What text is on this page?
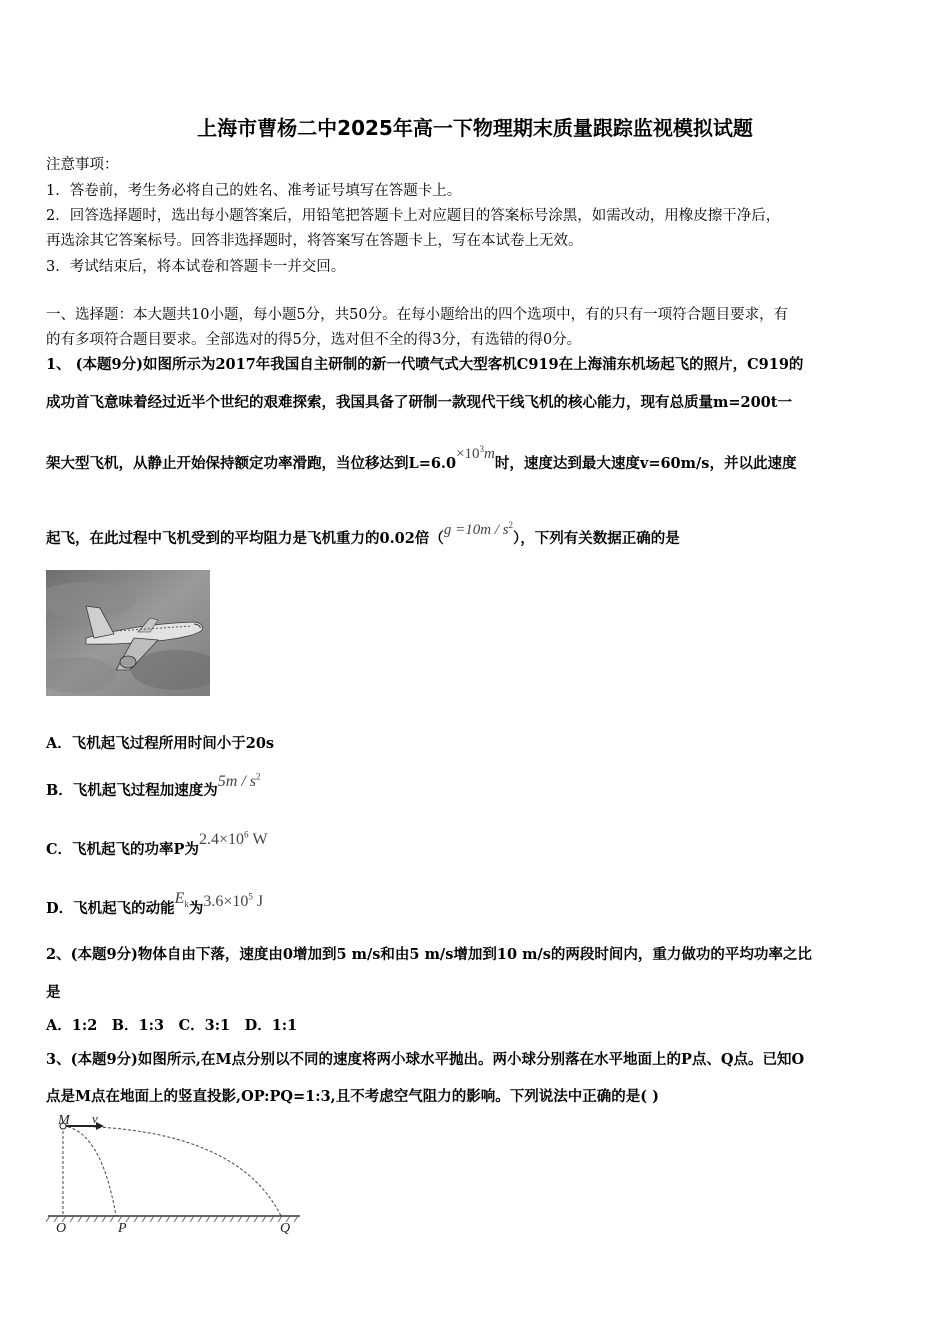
上海市曹杨二中2025年高一下物理期末质量跟踪监视模拟试题
注意事项：
1．答卷前，考生务必将自己的姓名、准考证号填写在答题卡上。
2．回答选择题时，选出每小题答案后，用铅笔把答题卡上对应题目的答案标号涂黑，如需改动，用橡皮擦干净后，
再选涂其它答案标号。回答非选择题时，将答案写在答题卡上，写在本试卷上无效。
3．考试结束后，将本试卷和答题卡一并交回。
一、选择题：本大题共10小题，每小题5分，共50分。在每小题给出的四个选项中，有的只有一项符合题目要求，有
的有多项符合题目要求。全部选对的得5分，选对但不全的得3分，有选错的得0分。
1、 (本题9分)如图所示为2017年我国自主研制的新一代喷气式大型客机C919在上海浦东机场起飞的照片，C919的
成功首飞意味着经过近半个世纪的艰难探索，我国具备了研制一款现代干线飞机的核心能力，现有总质量m=200t一
架大型飞机，从静止开始保持额定功率滑跑，当位移达到$L=6.0\times 10^3m$时，速度达到最大速度v=60m/s，并以此速度
起飞，在此过程中飞机受到的平均阻力是飞机重力的0.02倍$(g =10m / s^2)$，下列有关数据正确的是
A．飞机起飞过程所用时间小于20s
B．飞机起飞过程加速度为$5m / s^2$
C．飞机起飞的功率P为$2.4\times 10^6$ W
D．飞机起飞的动能$E_k$为$3.6\times 10^5$ J
2、(本题9分)物体自由下落，速度由0增加到5 m/s和由5 m/s增加到10 m/s的两段时间内，重力做功的平均功率之比
是
A．1:2　B．1:3　C．3:1　D．1:1
3、(本题9分)如图所示,在M点分别以不同的速度将两小球水平抛出。两小球分别落在水平地面上的P点、Q点。已知O
点是M点在地面上的竖直投影,OP:PQ=1:3,且不考虑空气阻力的影响。下列说法中正确的是( )
M v
O	P	Q
